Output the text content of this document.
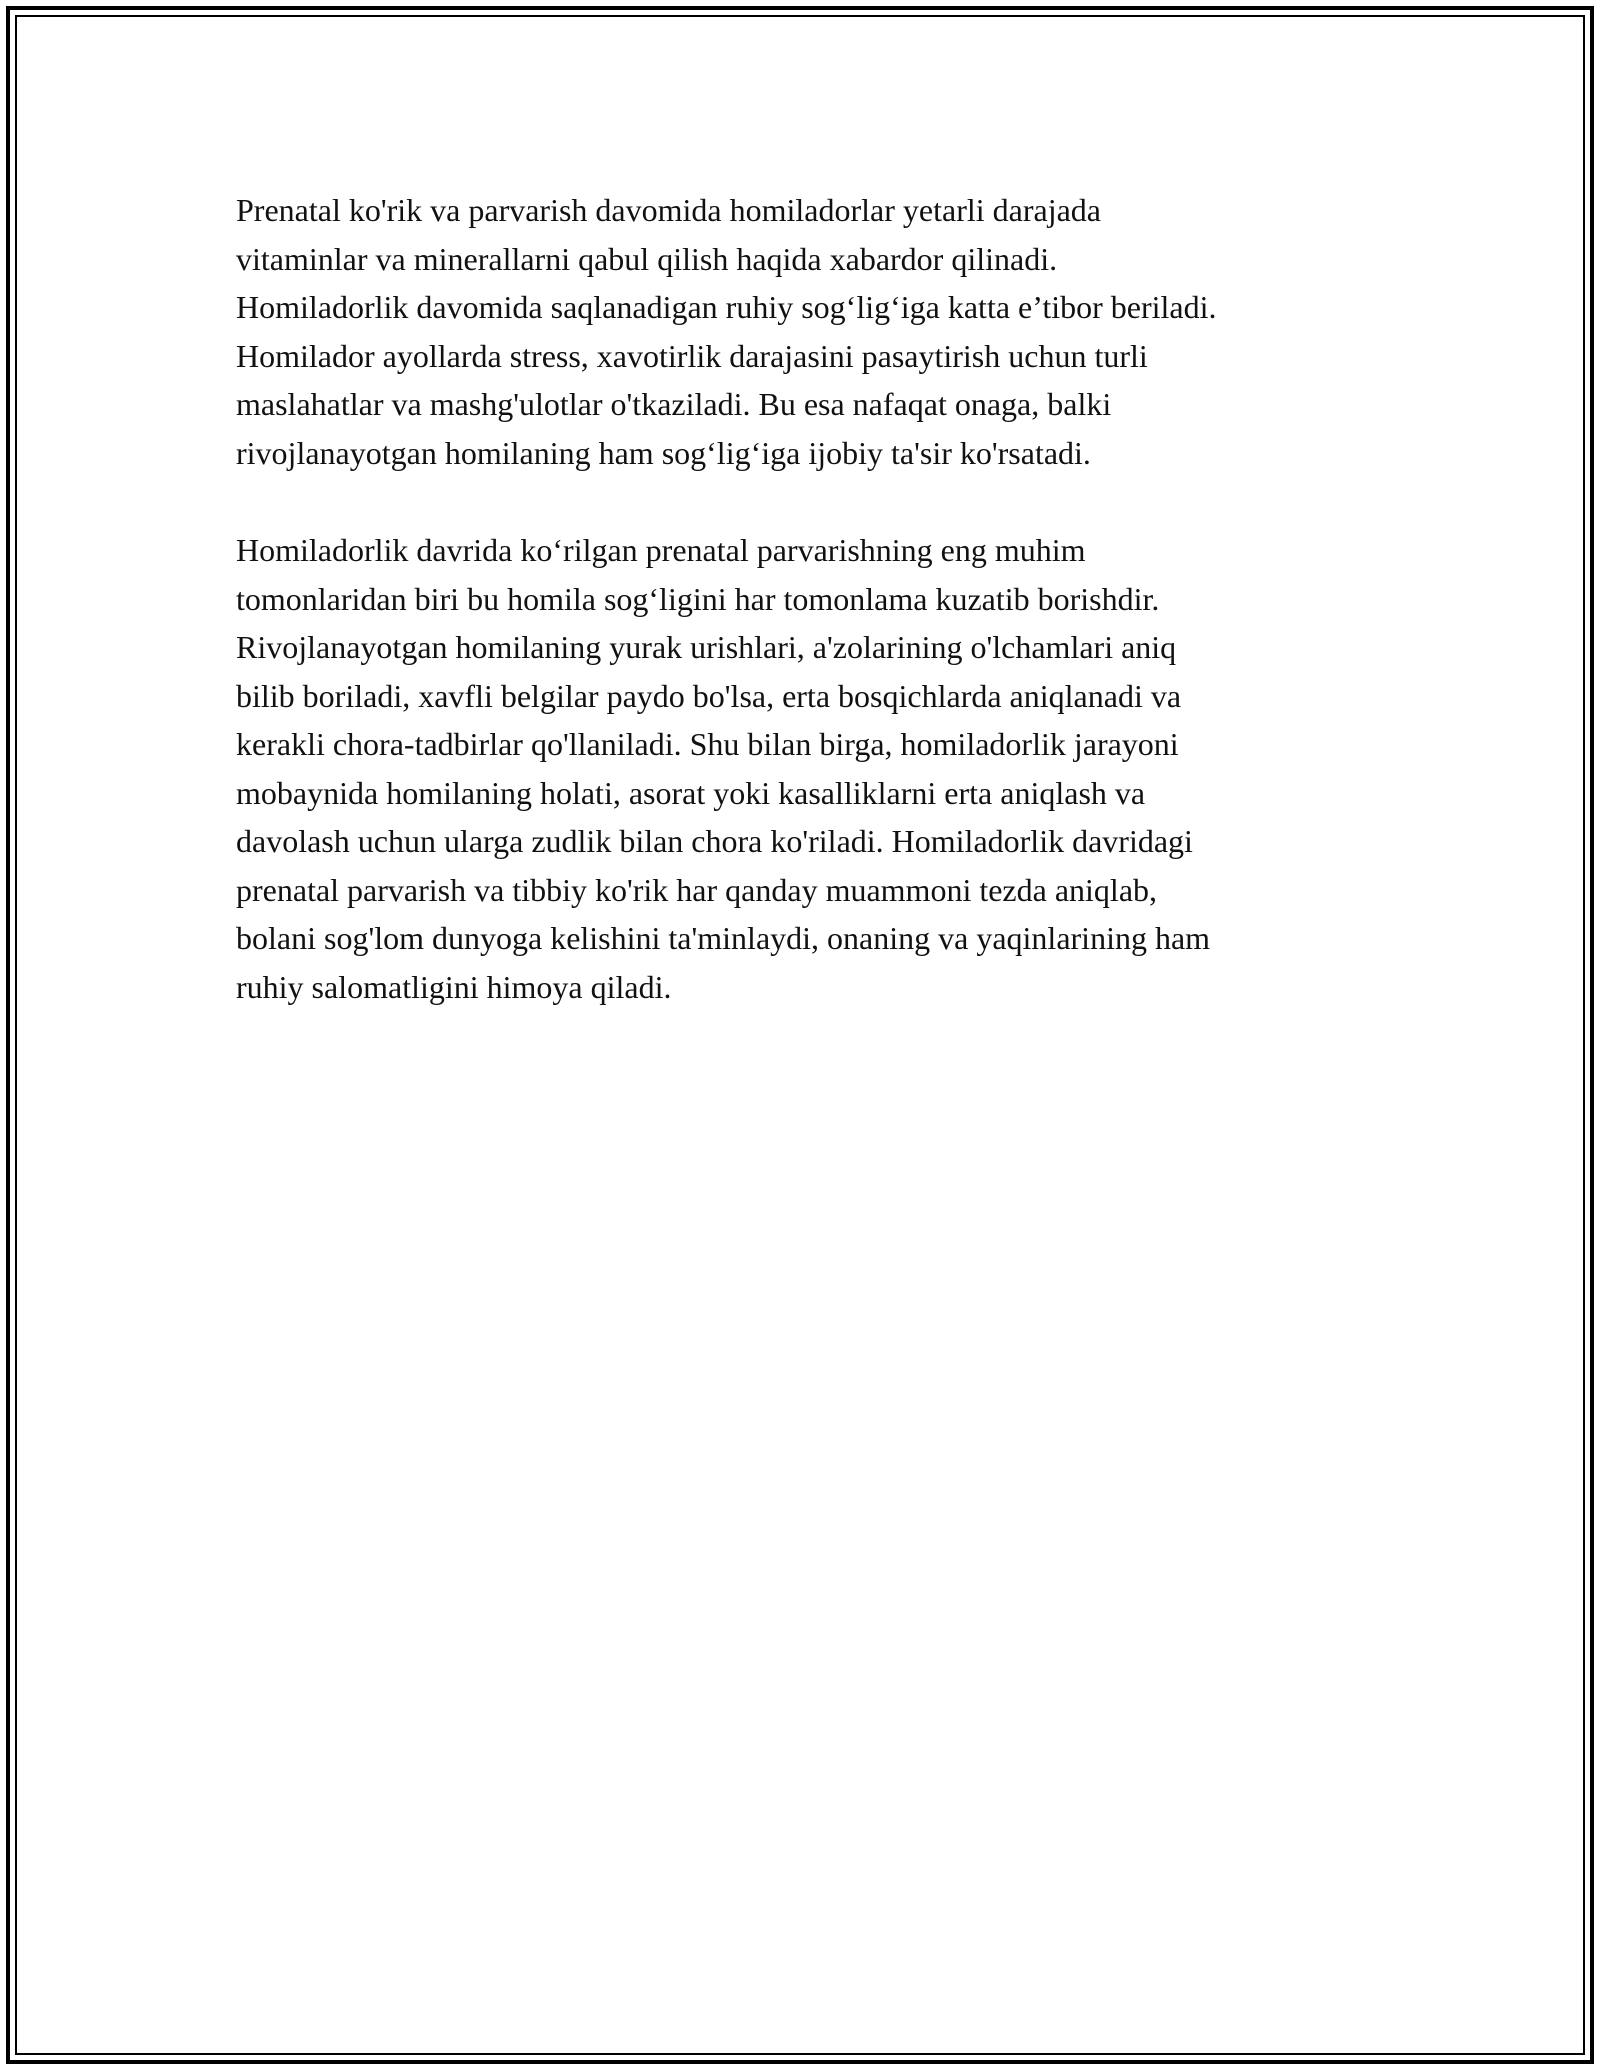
Prenatal ko'rik va parvarish davomida homiladorlar yetarli darajada
vitaminlar va minerallarni qabul qilish haqida xabardor qilinadi.
Homiladorlik davomida saqlanadigan ruhiy sog‘lig‘iga katta e’tibor beriladi.
Homilador ayollarda stress, xavotirlik darajasini pasaytirish uchun turli
maslahatlar va mashg'ulotlar o'tkaziladi. Bu esa nafaqat onaga, balki
rivojlanayotgan homilaning ham sog‘lig‘iga ijobiy ta'sir ko'rsatadi.

Homiladorlik davrida ko‘rilgan prenatal parvarishning eng muhim
tomonlaridan biri bu homila sog‘ligini har tomonlama kuzatib borishdir.
Rivojlanayotgan homilaning yurak urishlari, a'zolarining o'lchamlari aniq
bilib boriladi, xavfli belgilar paydo bo'lsa, erta bosqichlarda aniqlanadi va
kerakli chora-tadbirlar qo'llaniladi. Shu bilan birga, homiladorlik jarayoni
mobaynida homilaning holati, asorat yoki kasalliklarni erta aniqlash va
davolash uchun ularga zudlik bilan chora ko'riladi. Homiladorlik davridagi
prenatal parvarish va tibbiy ko'rik har qanday muammoni tezda aniqlab,
bolani sog'lom dunyoga kelishini ta'minlaydi, onaning va yaqinlarining ham
ruhiy salomatligini himoya qiladi.
